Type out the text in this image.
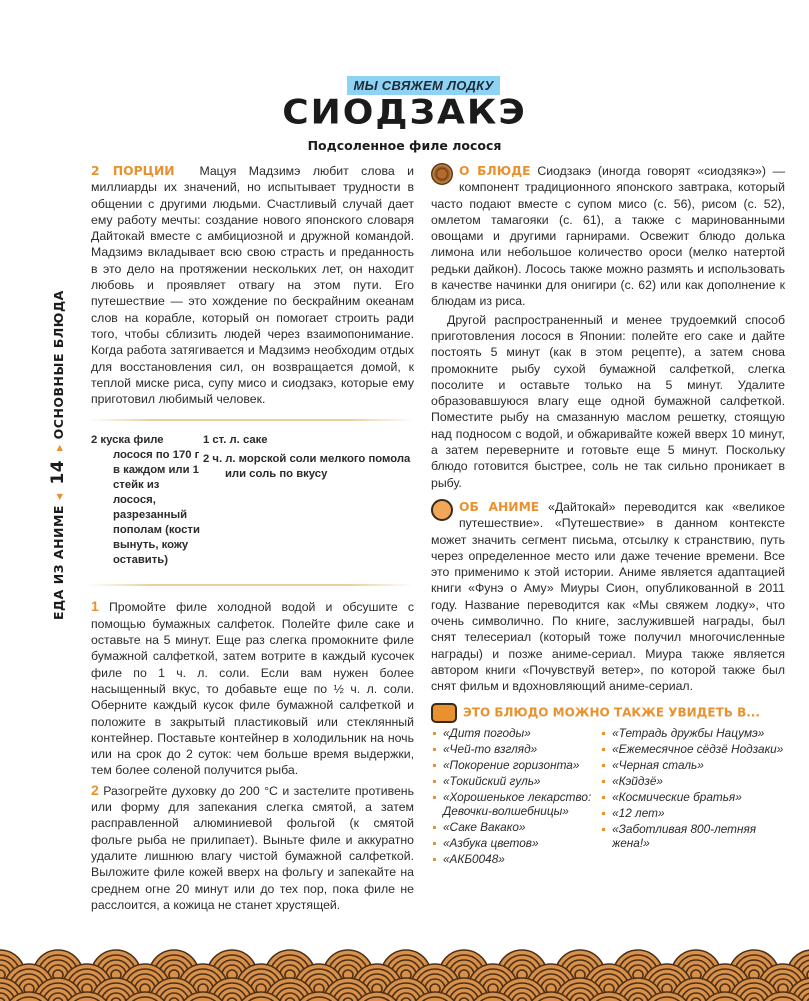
МЫ СВЯЖЕМ ЛОДКУ
СИОДЗАКЭ
Подсоленное филе лосося
ЕДА ИЗ АНИМЕ ◂ 14 ▸ ОСНОВНЫЕ БЛЮДА

2 ПОРЦИИ Мацуя Мадзимэ любит слова и миллиарды их значений, но испытывает трудности в общении с другими людьми. Счастливый случай дает ему работу мечты: создание нового японского словаря Дайтокай вместе с амбициозной и дружной командой. Мадзимэ вкладывает всю свою страсть и преданность в это дело на протяжении нескольких лет, он находит любовь и проявляет отвагу на этом пути. Его путешествие — это хождение по бескрайним океанам слов на корабле, который он помогает строить ради того, чтобы сблизить людей через взаимопонимание. Когда работа затягивается и Мадзимэ необходим отдых для восстановления сил, он возвращается домой, к теплой миске риса, супу мисо и сиодзакэ, которые ему приготовил любимый человек.

2 куска филе лосося по 170 г в каждом или 1 стейк из лосося, разрезанный пополам (кости вынуть, кожу оставить)
1 ст. л. саке
2 ч. л. морской соли мелкого помола или соль по вкусу

1 Промойте филе холодной водой и обсушите с помощью бумажных салфеток. Полейте филе саке и оставьте на 5 минут. Еще раз слегка промокните филе бумажной салфеткой, затем вотрите в каждый кусочек филе по 1 ч. л. соли. Если вам нужен более насыщенный вкус, то добавьте еще по ½ ч. л. соли. Оберните каждый кусок филе бумажной салфеткой и положите в закрытый пластиковый или стеклянный контейнер. Поставьте контейнер в холодильник на ночь или на срок до 2 суток: чем больше время выдержки, тем более соленой получится рыба.

2 Разогрейте духовку до 200 °C и застелите противень или форму для запекания слегка смятой, а затем расправленной алюминиевой фольгой (к смятой фольге рыба не прилипает). Выньте филе и аккуратно удалите лишнюю влагу чистой бумажной салфеткой. Выложите филе кожей вверх на фольгу и запекайте на среднем огне 20 минут или до тех пор, пока филе не расслоится, а кожица не станет хрустящей.

О БЛЮДЕ Сиодзакэ (иногда говорят «сиодзякэ») — компонент традиционного японского завтрака, который часто подают вместе с супом мисо (с. 56), рисом (с. 52), омлетом тамагояки (с. 61), а также с маринованными овощами и другими гарнирами. Освежит блюдо долька лимона или небольшое количество ороси (мелко натертой редьки дайкон). Лосось также можно размять и использовать в качестве начинки для онигири (с. 62) или как дополнение к блюдам из риса.

Другой распространенный и менее трудоемкий способ приготовления лосося в Японии: полейте его саке и дайте постоять 5 минут (как в этом рецепте), а затем снова промокните рыбу сухой бумажной салфеткой, слегка посолите и оставьте только на 5 минут. Удалите образовавшуюся влагу еще одной бумажной салфеткой. Поместите рыбу на смазанную маслом решетку, стоящую над подносом с водой, и обжаривайте кожей вверх 10 минут, а затем переверните и готовьте еще 5 минут. Поскольку блюдо готовится быстрее, соль не так сильно проникает в рыбу.

ОБ АНИМЕ «Дайтокай» переводится как «великое путешествие». «Путешествие» в данном контексте может значить сегмент письма, отсылку к странствию, путь через определенное место или даже течение времени. Все это применимо к этой истории. Аниме является адаптацией книги «Фунэ о Аму» Миуры Сион, опубликованной в 2011 году. Название переводится как «Мы свяжем лодку», что очень символично. По книге, заслужившей награды, был снят телесериал (который тоже получил многочисленные награды) и позже аниме-сериал. Миура также является автором книги «Почувствуй ветер», по которой также был снят фильм и вдохновляющий аниме-сериал.

ЭТО БЛЮДО МОЖНО ТАКЖЕ УВИДЕТЬ В...
«Дитя погоды»
«Чей-то взгляд»
«Покорение горизонта»
«Токийский гуль»
«Хорошенькое лекарство: Девочки-волшебницы»
«Саке Вакако»
«Азбука цветов»
«АКБ0048»
«Тетрадь дружбы Нацумэ»
«Ежемесячное сёдзё Нодзаки»
«Черная сталь»
«Кэйдзё»
«Космические братья»
«12 лет»
«Заботливая 800-летняя жена!»
